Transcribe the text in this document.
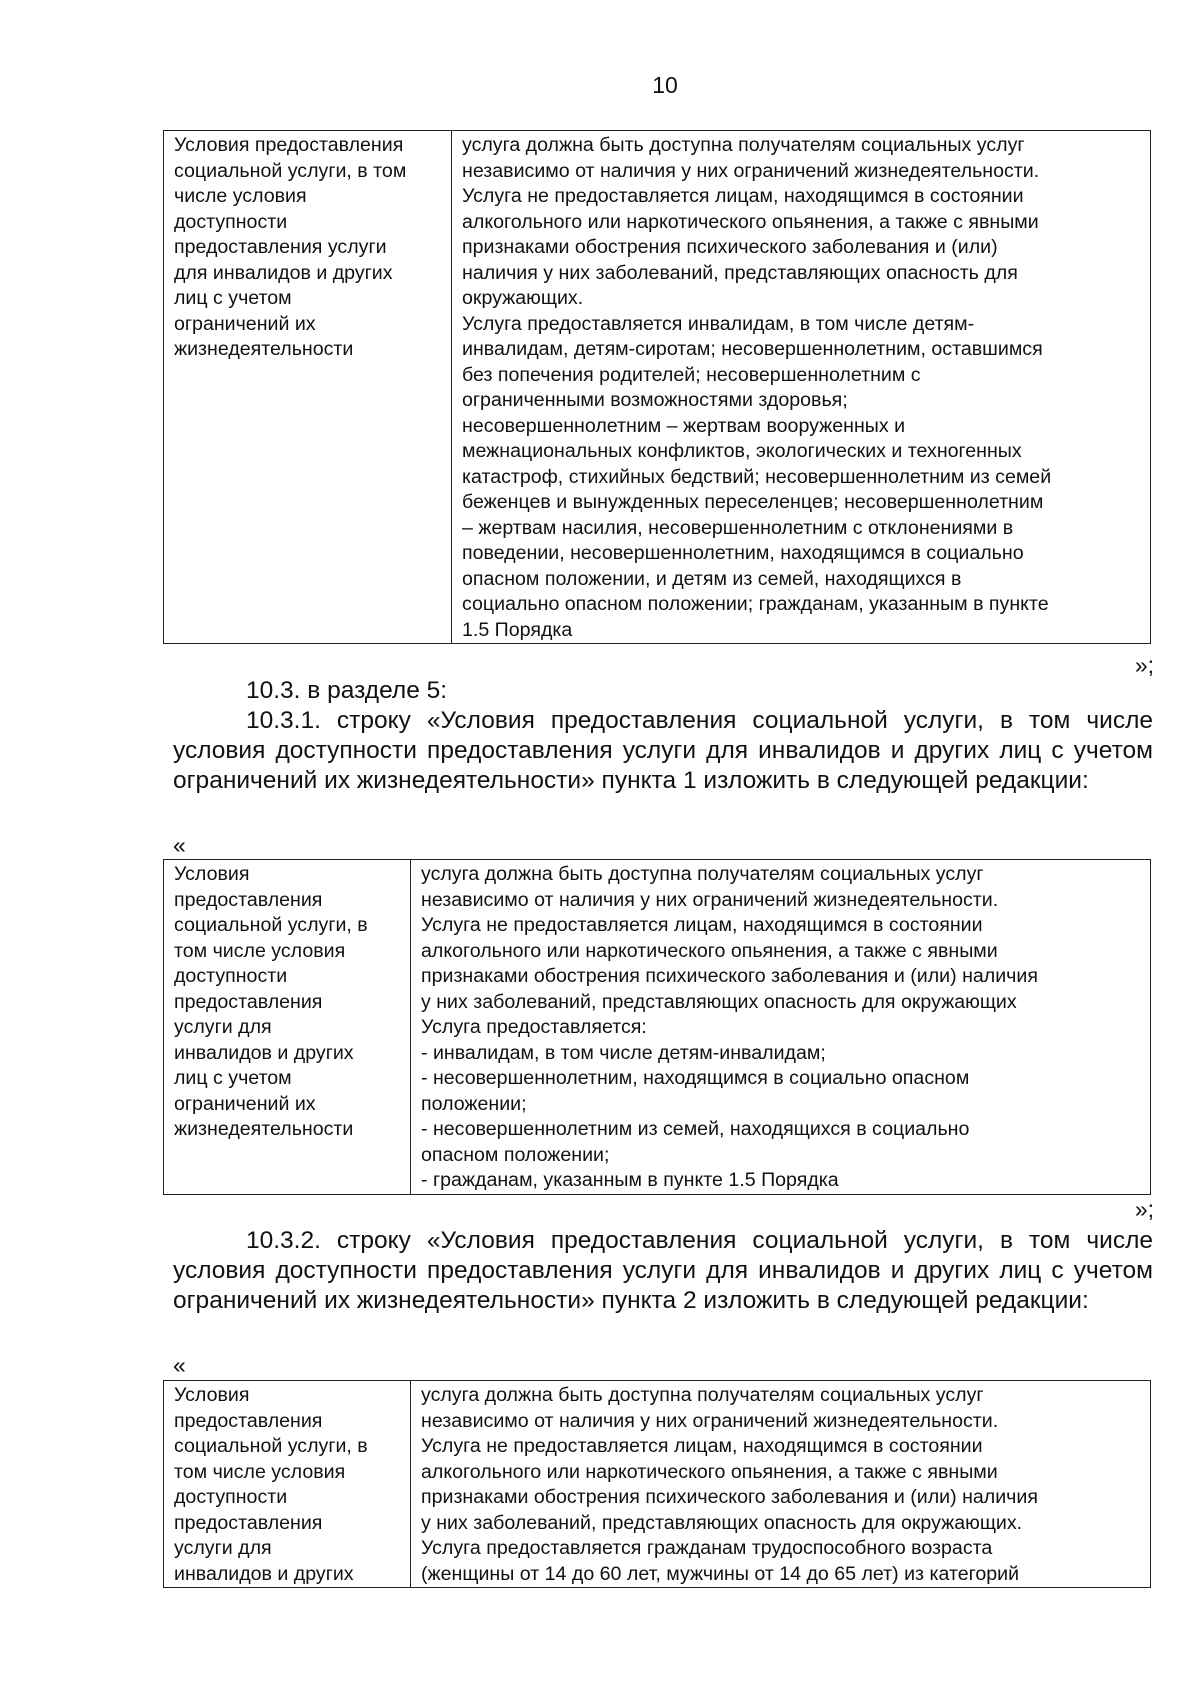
10
Условия предоставления
социальной услуги, в том
числе условия
доступности
предоставления услуги
для инвалидов и других
лиц с учетом
ограничений их
жизнедеятельности

услуга должна быть доступна получателям социальных услуг
независимо от наличия у них ограничений жизнедеятельности.
Услуга не предоставляется лицам, находящимся в состоянии
алкогольного или наркотического опьянения, а также с явными
признаками обострения психического заболевания и (или)
наличия у них заболеваний, представляющих опасность для
окружающих.
Услуга предоставляется инвалидам, в том числе детям-
инвалидам, детям-сиротам; несовершеннолетним, оставшимся
без попечения родителей; несовершеннолетним с
ограниченными возможностями здоровья;
несовершеннолетним – жертвам вооруженных и
межнациональных конфликтов, экологических и техногенных
катастроф, стихийных бедствий; несовершеннолетним из семей
беженцев и вынужденных переселенцев; несовершеннолетним
– жертвам насилия, несовершеннолетним с отклонениями в
поведении, несовершеннолетним, находящимся в социально
опасном положении, и детям из семей, находящихся в
социально опасном положении; гражданам, указанным в пункте
1.5 Порядка
»;
10.3. в разделе 5:
10.3.1. строку «Условия предоставления социальной услуги, в том числе условия доступности предоставления услуги для инвалидов и других лиц с учетом ограничений их жизнедеятельности» пункта 1 изложить в следующей редакции:
«
Условия
предоставления
социальной услуги, в
том числе условия
доступности
предоставления
услуги для
инвалидов и других
лиц с учетом
ограничений их
жизнедеятельности

услуга должна быть доступна получателям социальных услуг
независимо от наличия у них ограничений жизнедеятельности.
Услуга не предоставляется лицам, находящимся в состоянии
алкогольного или наркотического опьянения, а также с явными
признаками обострения психического заболевания и (или) наличия
у них заболеваний, представляющих опасность для окружающих
Услуга предоставляется:
- инвалидам, в том числе детям-инвалидам;
- несовершеннолетним, находящимся в социально опасном
положении;
- несовершеннолетним из семей, находящихся в социально
опасном положении;
- гражданам, указанным в пункте 1.5 Порядка
»;
10.3.2. строку «Условия предоставления социальной услуги, в том числе условия доступности предоставления услуги для инвалидов и других лиц с учетом ограничений их жизнедеятельности» пункта 2 изложить в следующей редакции:
«
Условия
предоставления
социальной услуги, в
том числе условия
доступности
предоставления
услуги для
инвалидов и других

услуга должна быть доступна получателям социальных услуг
независимо от наличия у них ограничений жизнедеятельности.
Услуга не предоставляется лицам, находящимся в состоянии
алкогольного или наркотического опьянения, а также с явными
признаками обострения психического заболевания и (или) наличия
у них заболеваний, представляющих опасность для окружающих.
Услуга предоставляется гражданам трудоспособного возраста
(женщины от 14 до 60 лет, мужчины от 14 до 65 лет) из категорий
